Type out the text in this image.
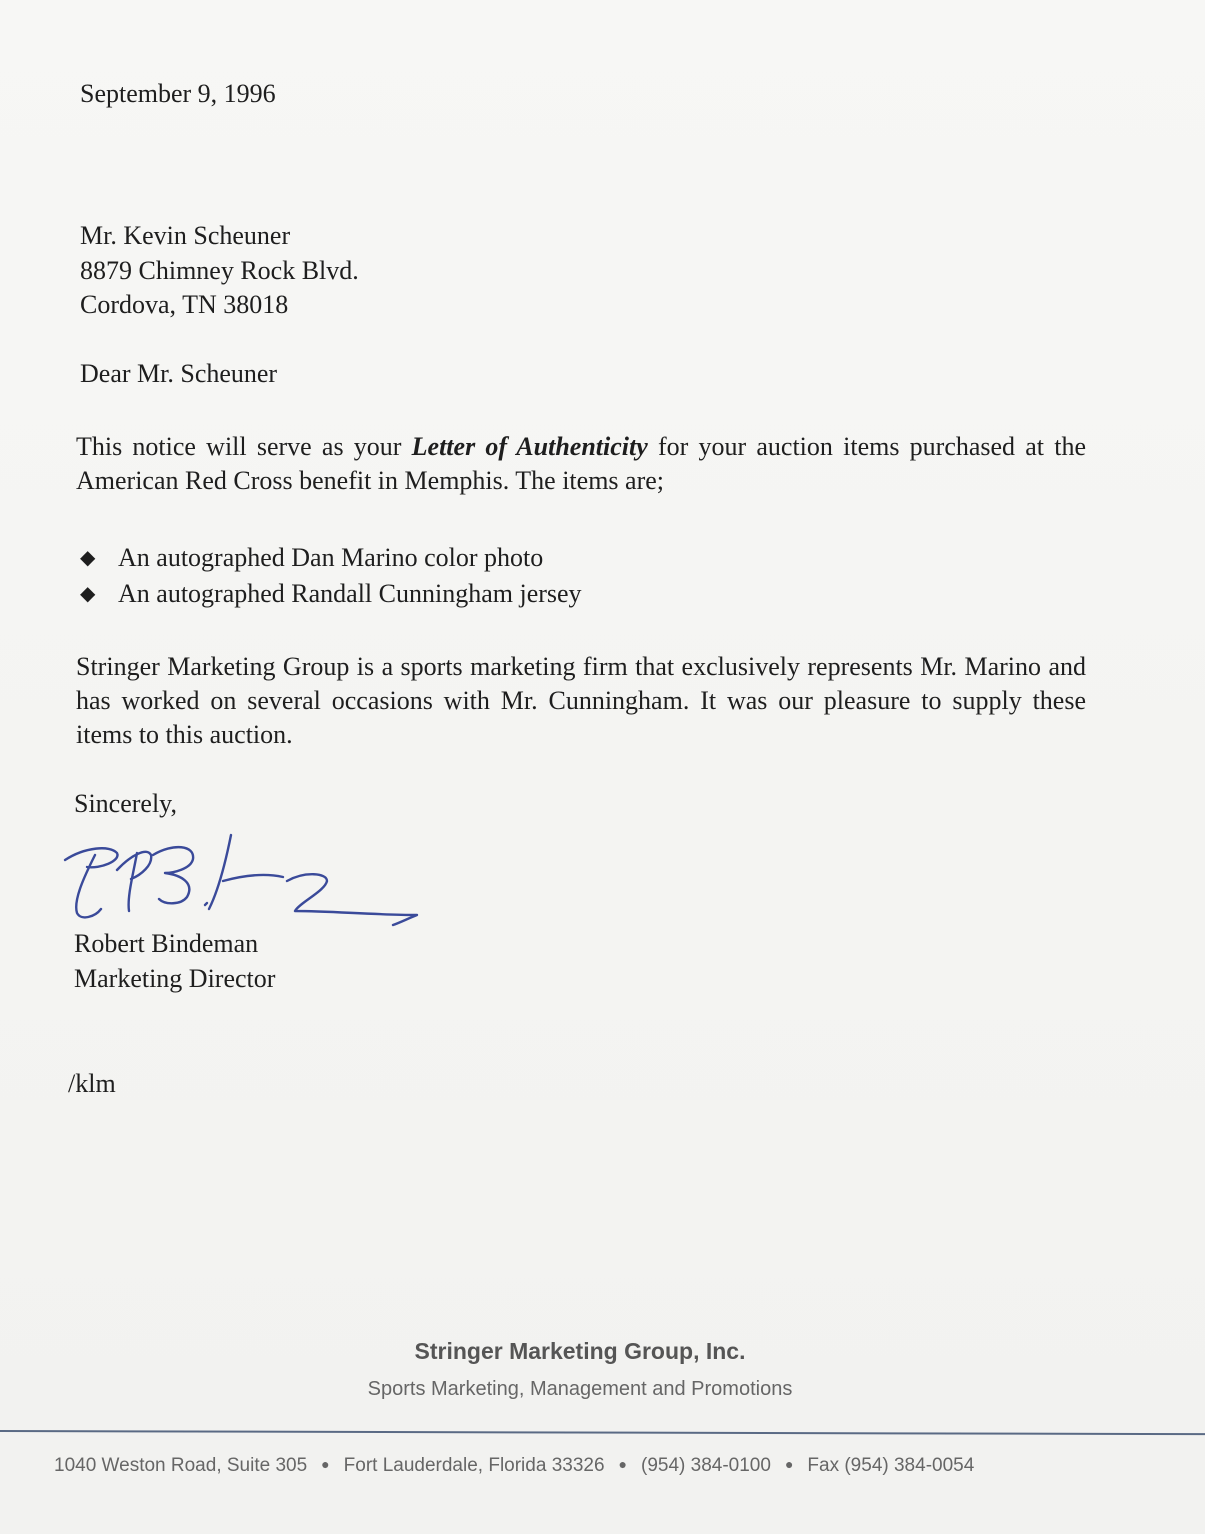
September 9, 1996
Mr. Kevin Scheuner
8879 Chimney Rock Blvd.
Cordova, TN 38018
Dear Mr. Scheuner

This notice will serve as your Letter of Authenticity for your auction items purchased at the American Red Cross benefit in Memphis. The items are;

◆ An autographed Dan Marino color photo
◆ An autographed Randall Cunningham jersey

Stringer Marketing Group is a sports marketing firm that exclusively represents Mr. Marino and has worked on several occasions with Mr. Cunningham. It was our pleasure to supply these items to this auction.

Sincerely,
Robert Bindeman
Marketing Director
/klm
Stringer Marketing Group, Inc.
Sports Marketing, Management and Promotions
1040 Weston Road, Suite 305 ● Fort Lauderdale, Florida 33326 ● (954) 384-0100 ● Fax (954) 384-0054
